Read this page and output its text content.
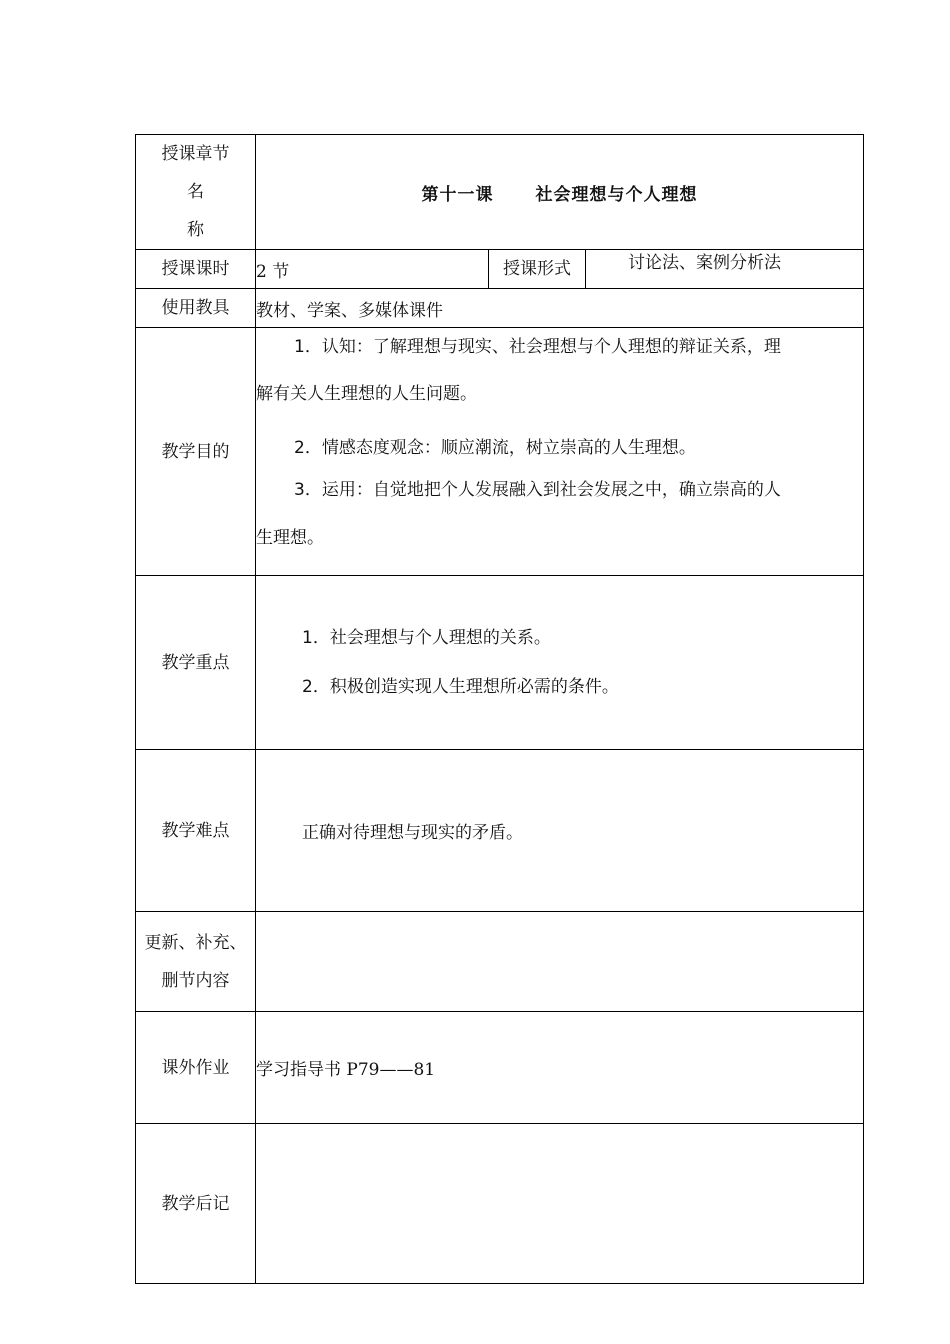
授课章节
名
称	第十一课 社会理想与个人理想		
授课课时	2 节	授课形式	讨论法、案例分析法
使用教具	教材、学案、多媒体课件		
教学目的	1．认知：了解理想与现实、社会理想与个人理想的辩证关系，理

解有关人生理想的人生问题。

2．情感态度观念：顺应潮流，树立崇高的人生理想。

3．运用：自觉地把个人发展融入到社会发展之中，确立崇高的人

生理想。		

教学重点	1．社会理想与个人理想的关系。

2．积极创造实现人生理想所必需的条件。		

教学难点	正确对待理想与现实的矛盾。		

更新、补充、
删节内容			

课外作业	学习指导书 P79——81		
教学后记			
